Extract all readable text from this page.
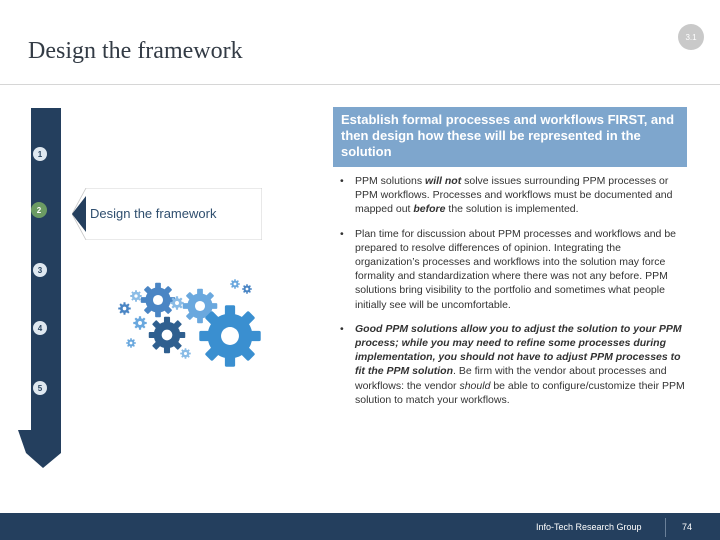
3.1
Design the framework
1
2
3
4
5
Design the framework
Establish formal processes and workflows FIRST, and then design how these will be represented in the solution
• PPM solutions will not solve issues surrounding PPM processes or PPM workflows. Processes and workflows must be documented and mapped out before the solution is implemented.
• Plan time for discussion about PPM processes and workflows and be prepared to resolve differences of opinion. Integrating the organization’s processes and workflows into the solution may force formality and standardization where there was not any before. PPM solutions bring visibility to the portfolio and sometimes what people initially see will be uncomfortable.
• Good PPM solutions allow you to adjust the solution to your PPM process; while you may need to refine some processes during implementation, you should not have to adjust PPM processes to fit the PPM solution. Be firm with the vendor about processes and workflows: the vendor should be able to configure/customize their PPM solution to match your workflows.
Info-Tech Research Group	74
